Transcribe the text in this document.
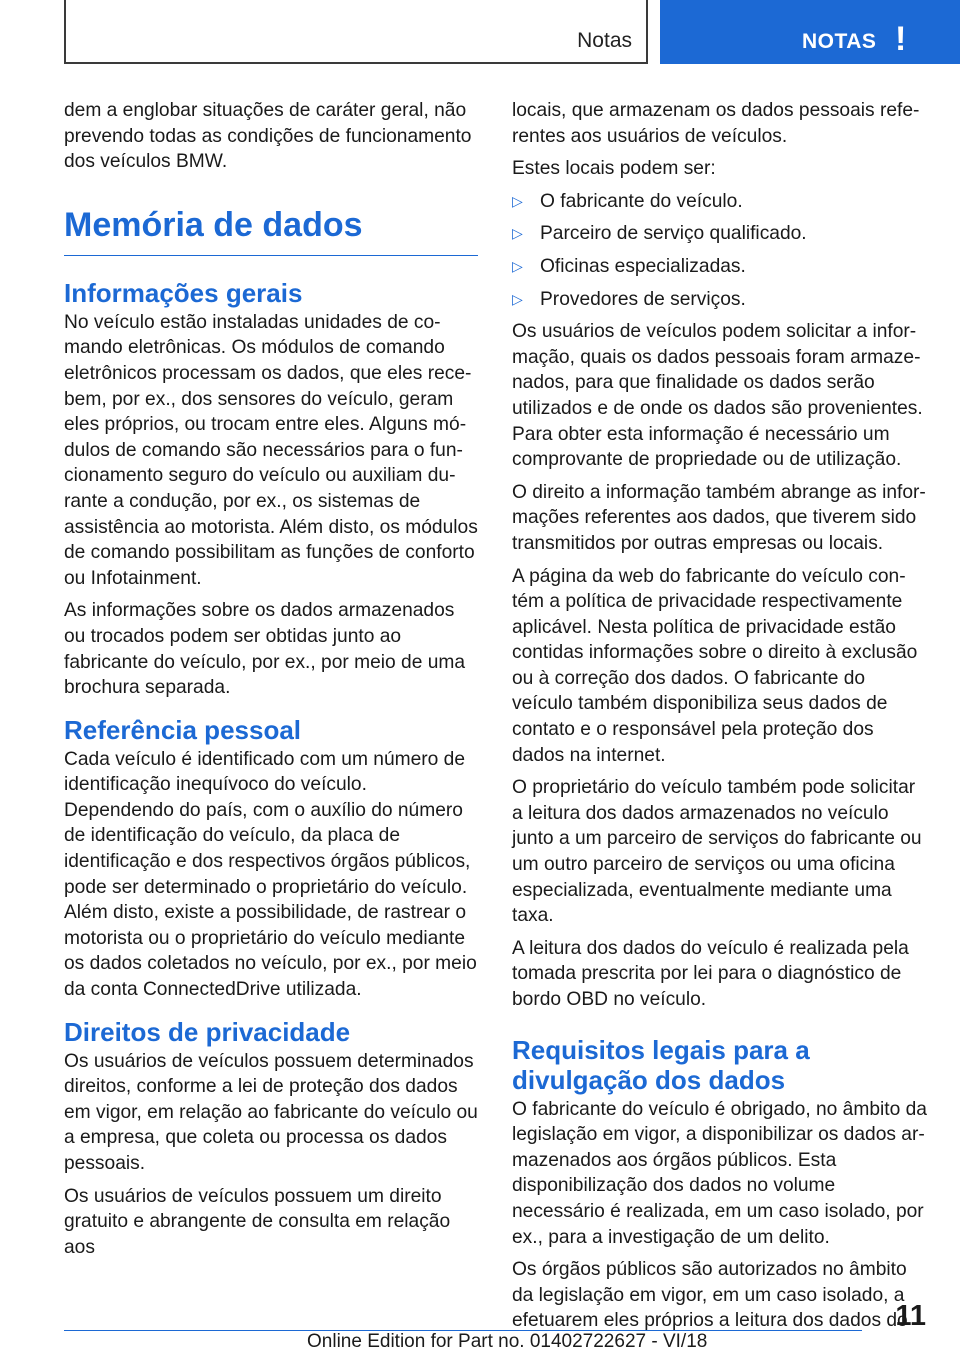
Notas	NOTAS !

dem a englobar situações de caráter geral, não prevendo todas as condições de funcionamento dos veículos BMW.

Memória de dados
Informações gerais

No veículo estão instaladas unidades de comando eletrônicas. Os módulos de comando eletrônicos processam os dados, que eles recebem, por ex., dos sensores do veículo, geram eles próprios, ou trocam entre eles. Alguns módulos de comando são necessários para o funcionamento seguro do veículo ou auxiliam durante a condução, por ex., os sistemas de assistência ao motorista. Além disto, os módulos de comando possibilitam as funções de conforto ou Infotainment.

As informações sobre os dados armazenados ou trocados podem ser obtidas junto ao fabricante do veículo, por ex., por meio de uma brochura separada.

Referência pessoal

Cada veículo é identificado com um número de identificação inequívoco do veículo. Dependendo do país, com o auxílio do número de identificação do veículo, da placa de identificação e dos respectivos órgãos públicos, pode ser determinado o proprietário do veículo. Além disto, existe a possibilidade, de rastrear o motorista ou o proprietário do veículo mediante os dados coletados no veículo, por ex., por meio da conta ConnectedDrive utilizada.

Direitos de privacidade

Os usuários de veículos possuem determinados direitos, conforme a lei de proteção dos dados em vigor, em relação ao fabricante do veículo ou a empresa, que coleta ou processa os dados pessoais.

Os usuários de veículos possuem um direito gratuito e abrangente de consulta em relação aos

locais, que armazenam os dados pessoais referentes aos usuários de veículos.

Estes locais podem ser:

▷ O fabricante do veículo.
▷ Parceiro de serviço qualificado.
▷ Oficinas especializadas.
▷ Provedores de serviços.

Os usuários de veículos podem solicitar a informação, quais os dados pessoais foram armazenados, para que finalidade os dados serão utilizados e de onde os dados são provenientes. Para obter esta informação é necessário um comprovante de propriedade ou de utilização.

O direito a informação também abrange as informações referentes aos dados, que tiverem sido transmitidos por outras empresas ou locais.

A página da web do fabricante do veículo contém a política de privacidade respectivamente aplicável. Nesta política de privacidade estão contidas informações sobre o direito à exclusão ou à correção dos dados. O fabricante do veículo também disponibiliza seus dados de contato e o responsável pela proteção dos dados na internet.

O proprietário do veículo também pode solicitar a leitura dos dados armazenados no veículo junto a um parceiro de serviços do fabricante ou um outro parceiro de serviços ou uma oficina especializada, eventualmente mediante uma taxa.

A leitura dos dados do veículo é realizada pela tomada prescrita por lei para o diagnóstico de bordo OBD no veículo.

Requisitos legais para a divulgação dos dados

O fabricante do veículo é obrigado, no âmbito da legislação em vigor, a disponibilizar os dados armazenados aos órgãos públicos. Esta disponibilização dos dados no volume necessário é realizada, em um caso isolado, por ex., para a investigação de um delito.

Os órgãos públicos são autorizados no âmbito da legislação em vigor, em um caso isolado, a efetuarem eles próprios a leitura dos dados do

11
Online Edition for Part no. 01402722627 - VI/18
